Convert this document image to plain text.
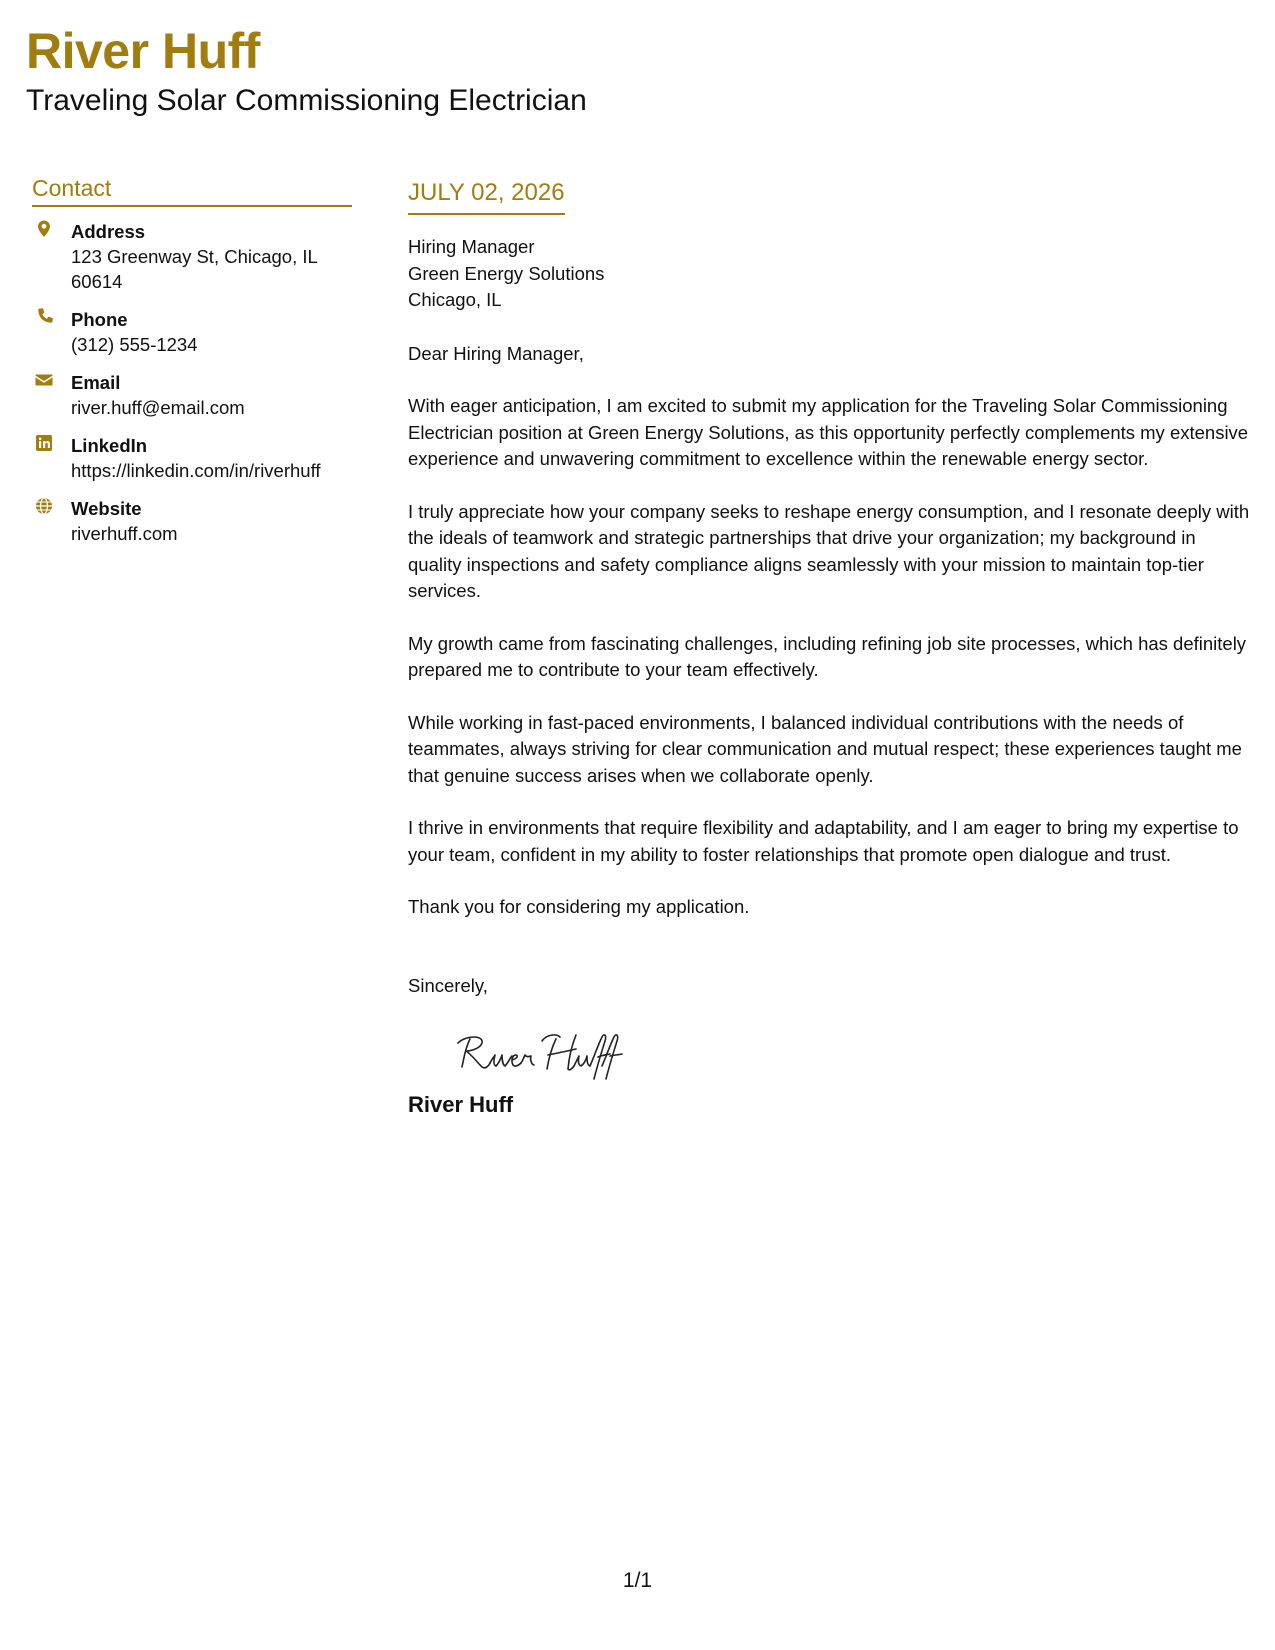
River Huff
Traveling Solar Commissioning Electrician
Contact
Address
123 Greenway St, Chicago, IL
60614
Phone
(312) 555-1234
Email
river.huff@email.com
LinkedIn
https://linkedin.com/in/riverhuff
Website
riverhuff.com
JULY 02, 2026
Hiring Manager
Green Energy Solutions
Chicago, IL

Dear Hiring Manager,

With eager anticipation, I am excited to submit my application for the Traveling Solar Commissioning Electrician position at Green Energy Solutions, as this opportunity perfectly complements my extensive experience and unwavering commitment to excellence within the renewable energy sector.

I truly appreciate how your company seeks to reshape energy consumption, and I resonate deeply with the ideals of teamwork and strategic partnerships that drive your organization; my background in quality inspections and safety compliance aligns seamlessly with your mission to maintain top-tier services.

My growth came from fascinating challenges, including refining job site processes, which has definitely prepared me to contribute to your team effectively.

While working in fast-paced environments, I balanced individual contributions with the needs of teammates, always striving for clear communication and mutual respect; these experiences taught me that genuine success arises when we collaborate openly.

I thrive in environments that require flexibility and adaptability, and I am eager to bring my expertise to your team, confident in my ability to foster relationships that promote open dialogue and trust.

Thank you for considering my application.

Sincerely,

River Huff
1/1
